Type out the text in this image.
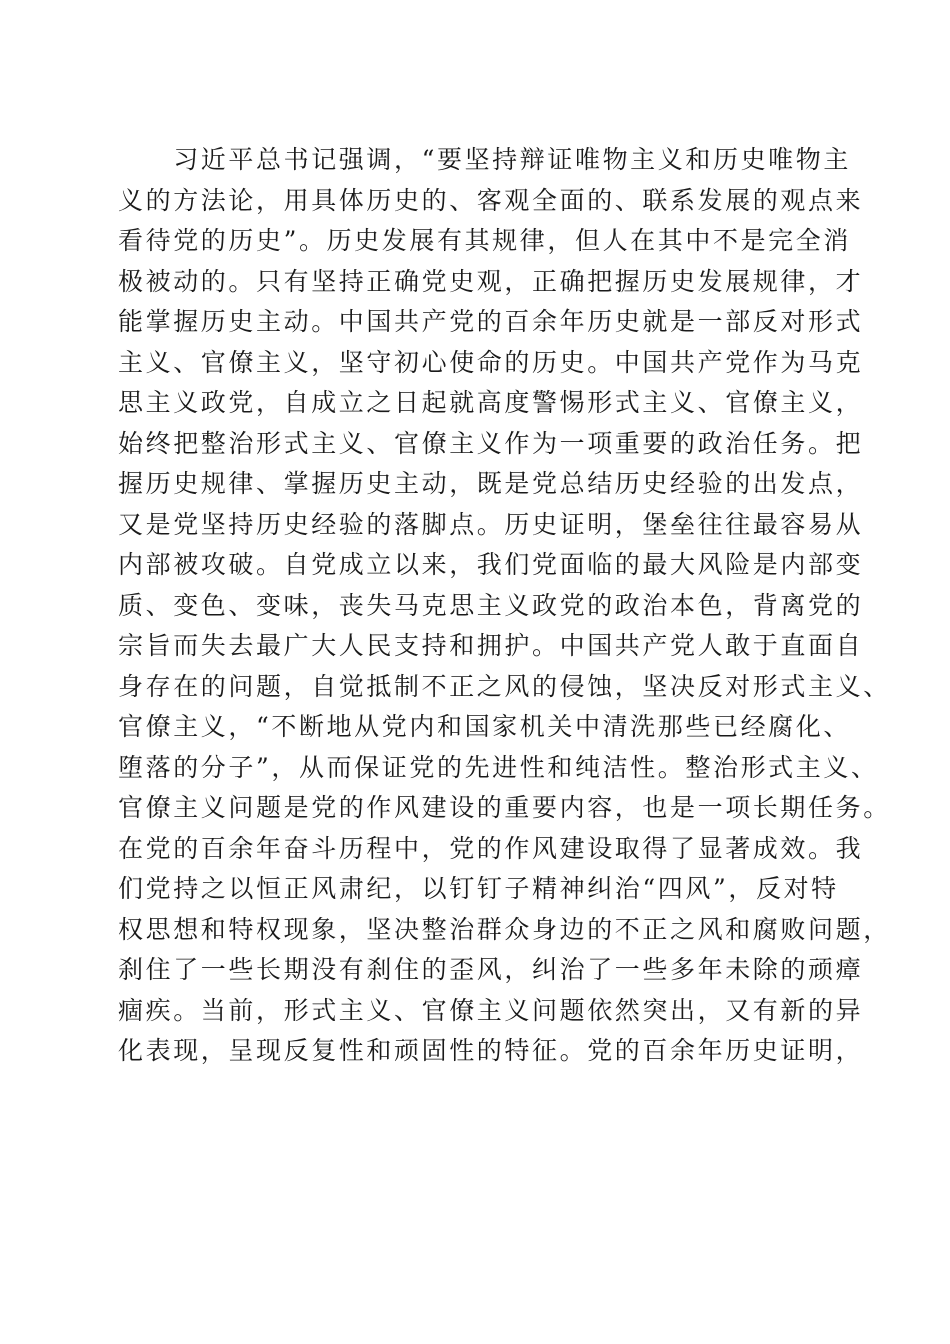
　　习近平总书记强调，“要坚持辩证唯物主义和历史唯物主
义的方法论，用具体历史的、客观全面的、联系发展的观点来
看待党的历史”。历史发展有其规律，但人在其中不是完全消
极被动的。只有坚持正确党史观，正确把握历史发展规律，才
能掌握历史主动。中国共产党的百余年历史就是一部反对形式
主义、官僚主义，坚守初心使命的历史。中国共产党作为马克
思主义政党，自成立之日起就高度警惕形式主义、官僚主义，
始终把整治形式主义、官僚主义作为一项重要的政治任务。把
握历史规律、掌握历史主动，既是党总结历史经验的出发点，
又是党坚持历史经验的落脚点。历史证明，堡垒往往最容易从
内部被攻破。自党成立以来，我们党面临的最大风险是内部变
质、变色、变味，丧失马克思主义政党的政治本色，背离党的
宗旨而失去最广大人民支持和拥护。中国共产党人敢于直面自
身存在的问题，自觉抵制不正之风的侵蚀，坚决反对形式主义、
官僚主义，“不断地从党内和国家机关中清洗那些已经腐化、
堕落的分子”，从而保证党的先进性和纯洁性。整治形式主义、
官僚主义问题是党的作风建设的重要内容，也是一项长期任务。
在党的百余年奋斗历程中，党的作风建设取得了显著成效。我
们党持之以恒正风肃纪，以钉钉子精神纠治“四风”，反对特
权思想和特权现象，坚决整治群众身边的不正之风和腐败问题，
刹住了一些长期没有刹住的歪风，纠治了一些多年未除的顽瘴
痼疾。当前，形式主义、官僚主义问题依然突出，又有新的异
化表现，呈现反复性和顽固性的特征。党的百余年历史证明，
